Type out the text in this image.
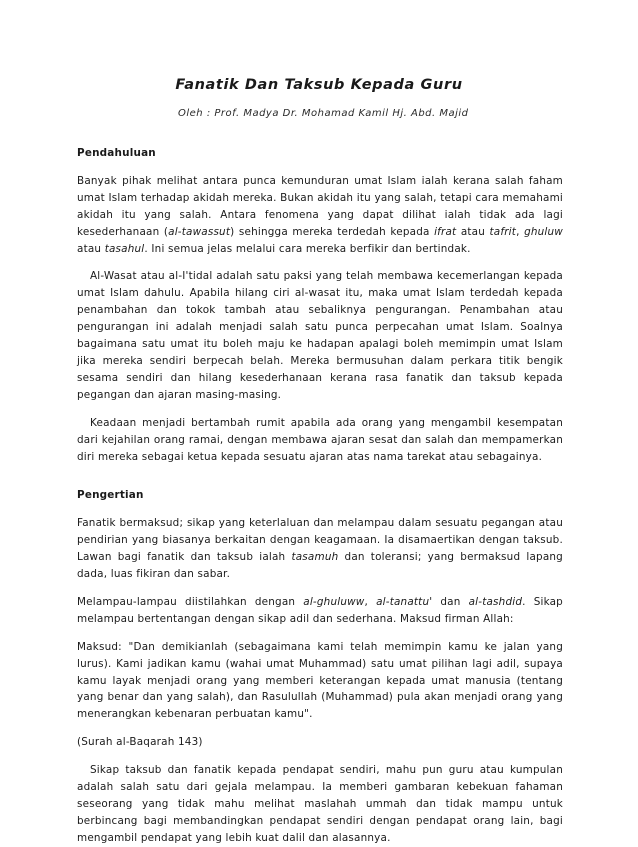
Fanatik Dan Taksub Kepada Guru
Oleh : Prof. Madya Dr. Mohamad Kamil Hj. Abd. Majid
Pendahuluan

Banyak pihak melihat antara punca kemunduran umat Islam ialah kerana salah faham umat Islam terhadap akidah mereka. Bukan akidah itu yang salah, tetapi cara memahami akidah itu yang salah. Antara fenomena yang dapat dilihat ialah tidak ada lagi kesederhanaan (al-tawassut) sehingga mereka terdedah kepada ifrat atau tafrit, ghuluw atau tasahul. Ini semua jelas melalui cara mereka berfikir dan bertindak.

Al-Wasat atau al-I'tidal adalah satu paksi yang telah membawa kecemerlangan kepada umat Islam dahulu. Apabila hilang ciri al-wasat itu, maka umat Islam terdedah kepada penambahan dan tokok tambah atau sebaliknya pengurangan. Penambahan atau pengurangan ini adalah menjadi salah satu punca perpecahan umat Islam. Soalnya bagaimana satu umat itu boleh maju ke hadapan apalagi boleh memimpin umat Islam jika mereka sendiri berpecah belah. Mereka bermusuhan dalam perkara titik bengik sesama sendiri dan hilang kesederhanaan kerana rasa fanatik dan taksub kepada pegangan dan ajaran masing-masing.

Keadaan menjadi bertambah rumit apabila ada orang yang mengambil kesempatan dari kejahilan orang ramai, dengan membawa ajaran sesat dan salah dan mempamerkan diri mereka sebagai ketua kepada sesuatu ajaran atas nama tarekat atau sebagainya.

Pengertian

Fanatik bermaksud; sikap yang keterlaluan dan melampau dalam sesuatu pegangan atau pendirian yang biasanya berkaitan dengan keagamaan. Ia disamaertikan dengan taksub. Lawan bagi fanatik dan taksub ialah tasamuh dan toleransi; yang bermaksud lapang dada, luas fikiran dan sabar.

Melampau-lampau diistilahkan dengan al-ghuluww, al-tanattu' dan al-tashdid. Sikap melampau bertentangan dengan sikap adil dan sederhana. Maksud firman Allah:

Maksud: "Dan demikianlah (sebagaimana kami telah memimpin kamu ke jalan yang lurus). Kami jadikan kamu (wahai umat Muhammad) satu umat pilihan lagi adil, supaya kamu layak menjadi orang yang memberi keterangan kepada umat manusia (tentang yang benar dan yang salah), dan Rasulullah (Muhammad) pula akan menjadi orang yang menerangkan kebenaran perbuatan kamu".

(Surah al-Baqarah 143)

Sikap taksub dan fanatik kepada pendapat sendiri, mahu pun guru atau kumpulan adalah salah satu dari gejala melampau. Ia memberi gambaran kebekuan fahaman seseorang yang tidak mahu melihat maslahah ummah dan tidak mampu untuk berbincang bagi membandingkan pendapat sendiri dengan pendapat orang lain, bagi mengambil pendapat yang lebih kuat dalil dan alasannya.
